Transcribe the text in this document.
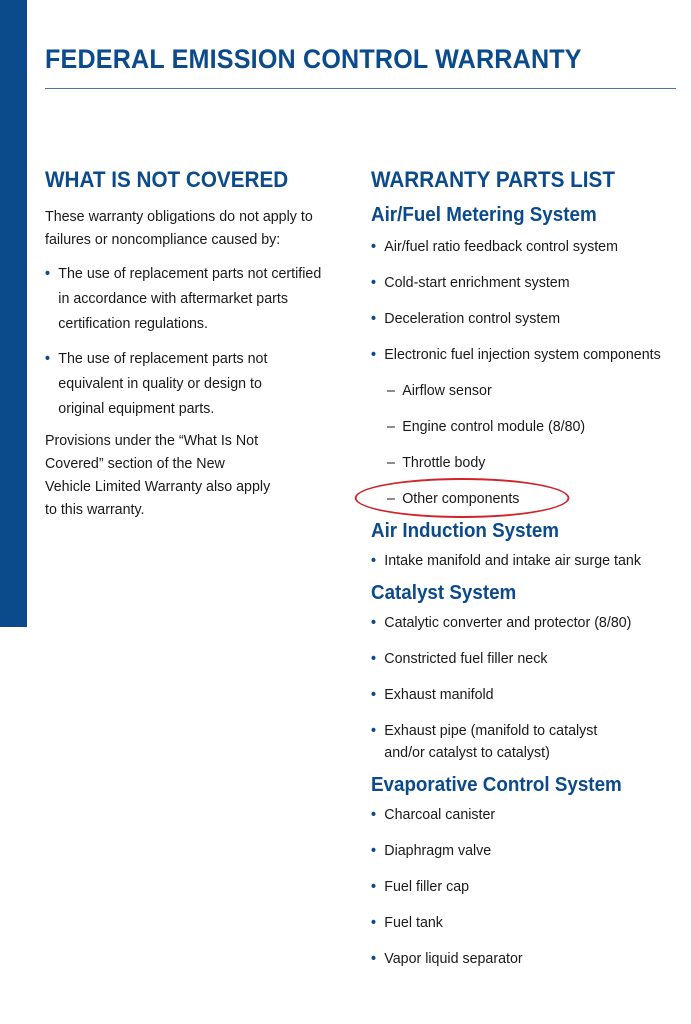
FEDERAL EMISSION CONTROL WARRANTY
WHAT IS NOT COVERED

These warranty obligations do not apply to failures or noncompliance caused by:

• The use of replacement parts not certified in accordance with aftermarket parts certification regulations.
• The use of replacement parts not equivalent in quality or design to original equipment parts.

Provisions under the “What Is Not Covered” section of the New Vehicle Limited Warranty also apply to this warranty.

WARRANTY PARTS LIST
Air/Fuel Metering System
• Air/fuel ratio feedback control system
• Cold-start enrichment system
• Deceleration control system
• Electronic fuel injection system components
– Airflow sensor
– Engine control module (8/80)
– Throttle body
– Other components
Air Induction System
• Intake manifold and intake air surge tank
Catalyst System
• Catalytic converter and protector (8/80)
• Constricted fuel filler neck
• Exhaust manifold
• Exhaust pipe (manifold to catalyst and/or catalyst to catalyst)
Evaporative Control System
• Charcoal canister
• Diaphragm valve
• Fuel filler cap
• Fuel tank
• Vapor liquid separator
